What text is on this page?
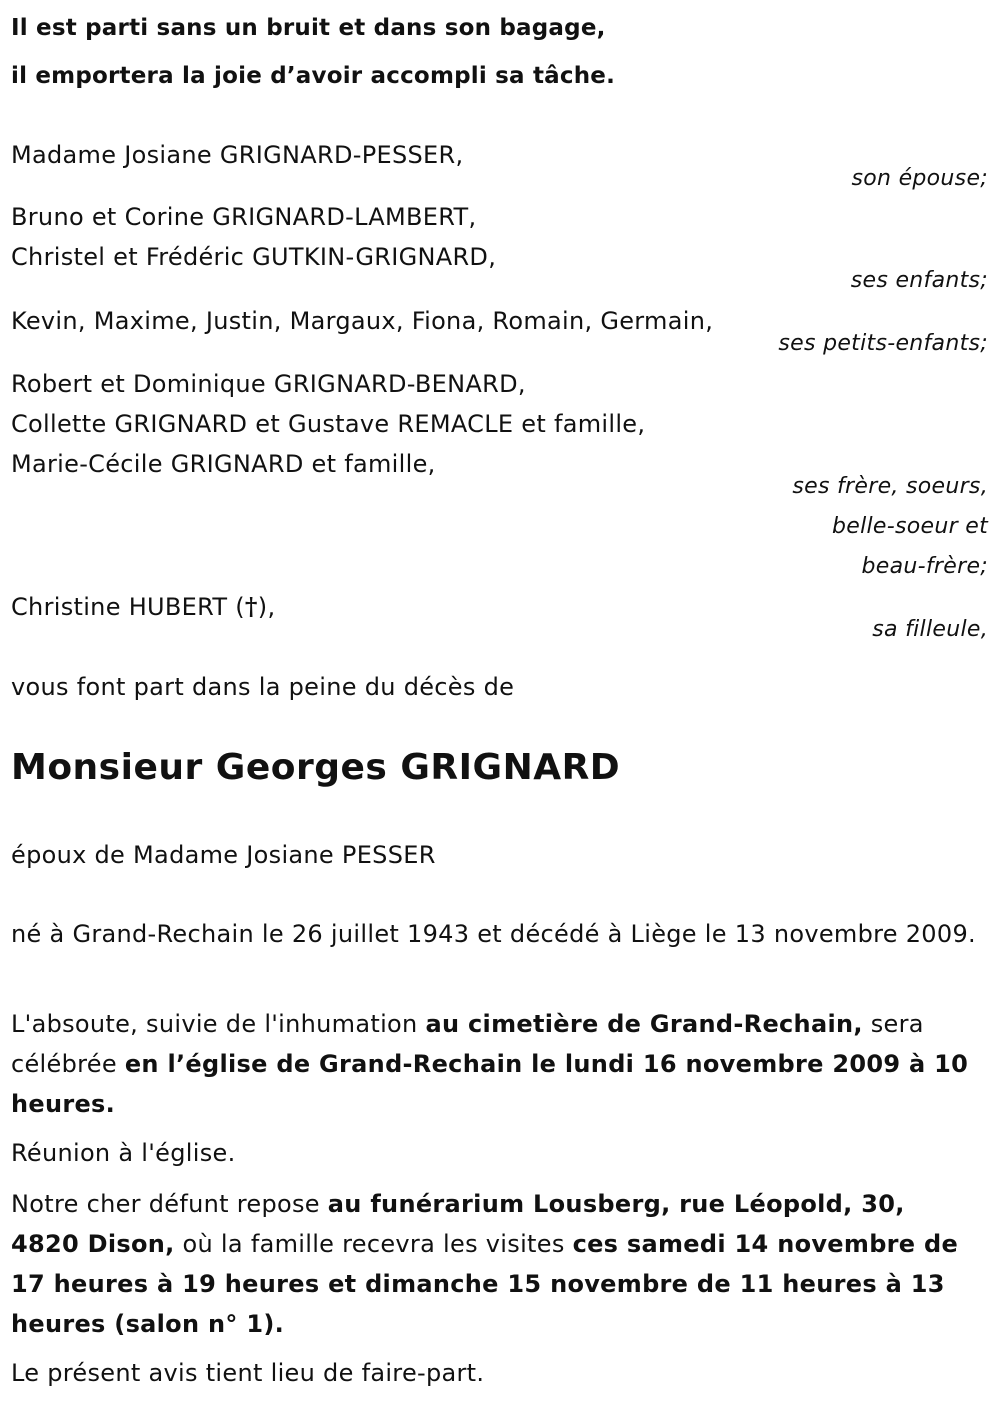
Il est parti sans un bruit et dans son bagage,
il emportera la joie d’avoir accompli sa tâche.
Madame Josiane GRIGNARD-PESSER,
son épouse;
Bruno et Corine GRIGNARD-LAMBERT,
Christel et Frédéric GUTKIN-GRIGNARD,
ses enfants;
Kevin, Maxime, Justin, Margaux, Fiona, Romain, Germain,
ses petits-enfants;
Robert et Dominique GRIGNARD-BENARD,
Collette GRIGNARD et Gustave REMACLE et famille,
Marie-Cécile GRIGNARD et famille,
ses frère, soeurs,
belle-soeur et
beau-frère;
Christine HUBERT (†),
sa filleule,
vous font part dans la peine du décès de
Monsieur Georges GRIGNARD
époux de Madame Josiane PESSER
né à Grand-Rechain le 26 juillet 1943 et décédé à Liège le 13 novembre 2009.
L'absoute, suivie de l'inhumation au cimetière de Grand-Rechain, sera célébrée en l’église de Grand-Rechain le lundi 16 novembre 2009 à 10 heures.
Réunion à l'église.
Notre cher défunt repose au funérarium Lousberg, rue Léopold, 30, 4820 Dison, où la famille recevra les visites ces samedi 14 novembre de 17 heures à 19 heures et dimanche 15 novembre de 11 heures à 13 heures (salon n° 1).
Le présent avis tient lieu de faire-part.
